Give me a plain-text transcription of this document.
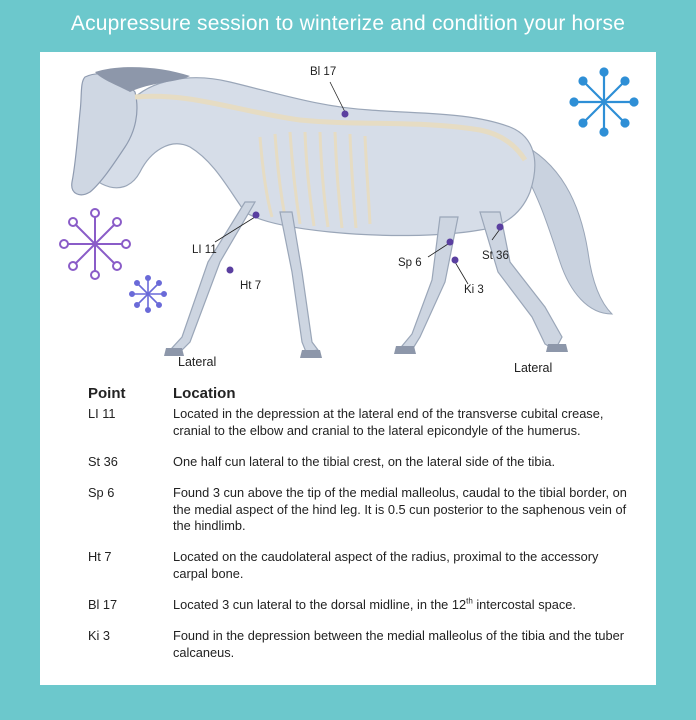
Acupressure session to winterize and condition your horse
Bl 17
LI 11
Ht 7
Sp 6
St 36
Ki 3
Lateral	Lateral
Point	Location
LI 11	Located in the depression at the lateral end of the transverse cubital crease, cranial to the elbow and cranial to the lateral epicondyle of the humerus.
St 36	One half cun lateral to the tibial crest, on the lateral side of the tibia.
Sp 6	Found 3 cun above the tip of the medial malleolus, caudal to the tibial border, on the medial aspect of the hind leg. It is 0.5 cun posterior to the saphenous vein of the hindlimb.
Ht 7	Located on the caudolateral aspect of the radius, proximal to the accessory carpal bone.
Bl 17	Located 3 cun lateral to the dorsal midline, in the 12th intercostal space.
Ki 3	Found in the depression between the medial malleolus of the tibia and the tuber calcaneus.
